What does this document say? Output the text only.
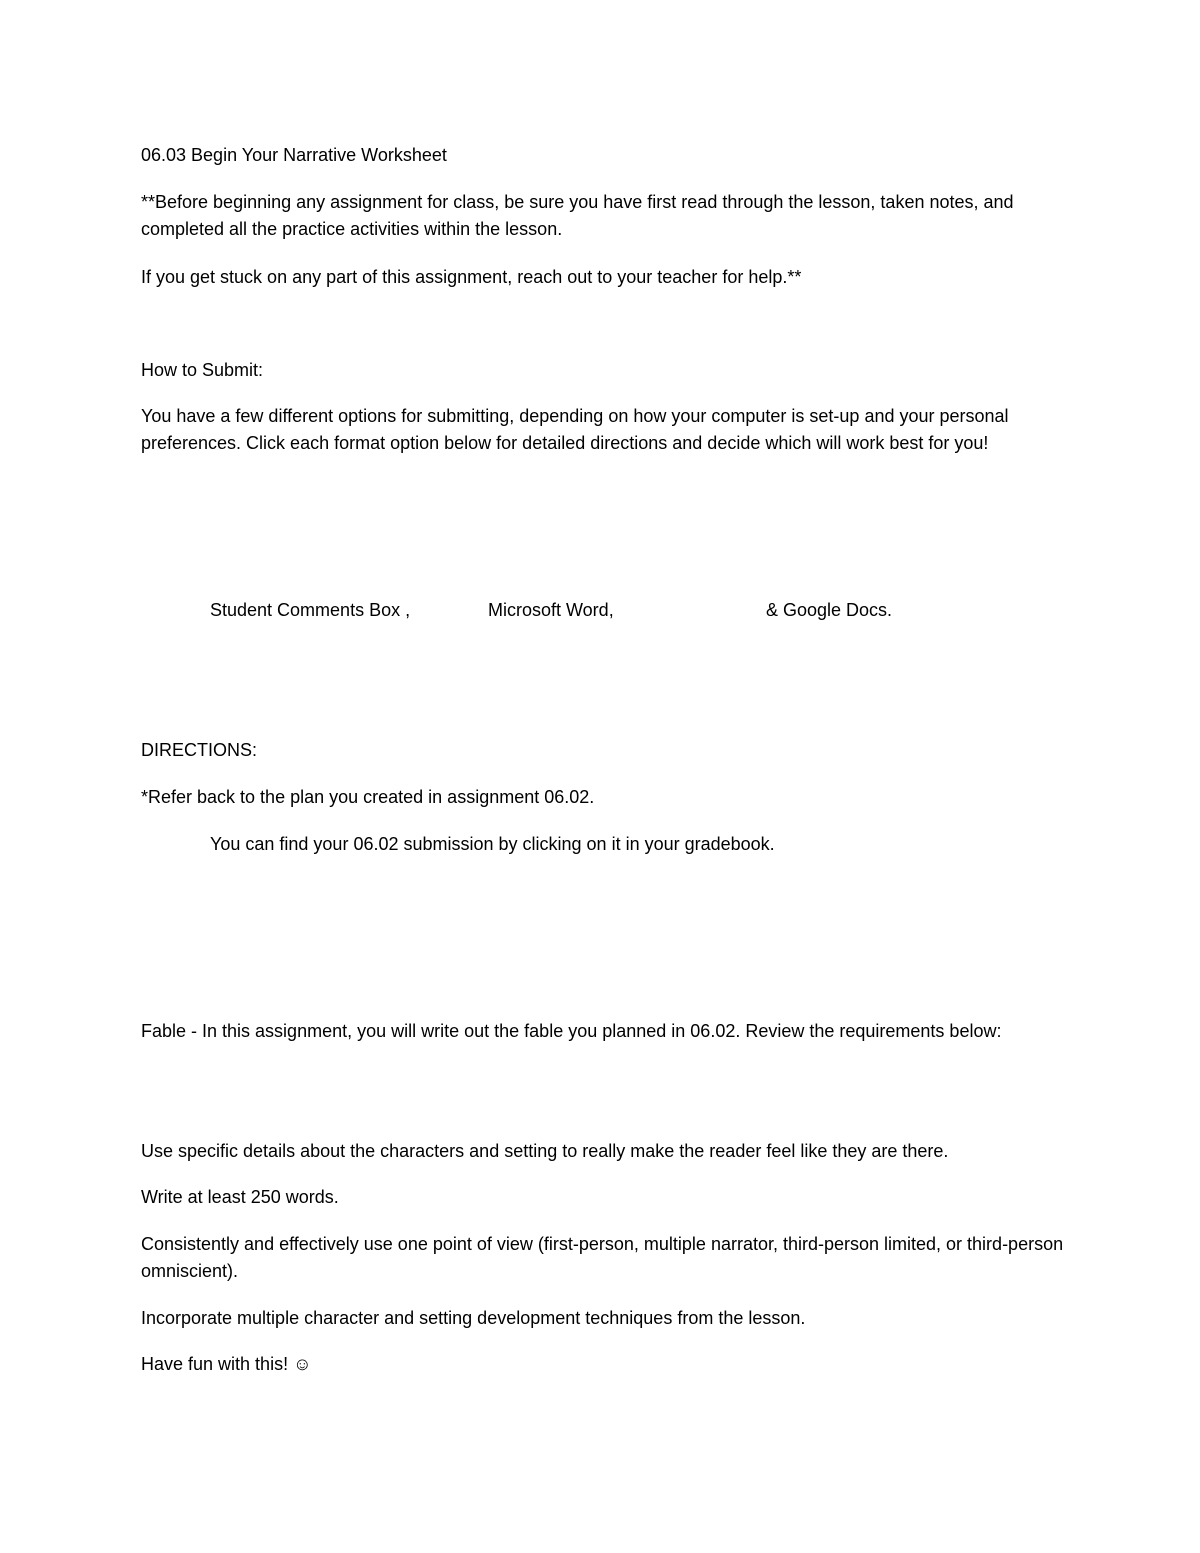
06.03 Begin Your Narrative Worksheet
**Before beginning any assignment for class, be sure you have first read through the lesson, taken notes, and completed all the practice activities within the lesson.
If you get stuck on any part of this assignment, reach out to your teacher for help.**
How to Submit:
You have a few different options for submitting, depending on how your computer is set-up and your personal preferences. Click each format option below for detailed directions and decide which will work best for you!
Student Comments Box ,	Microsoft Word,	& Google Docs.
DIRECTIONS:
*Refer back to the plan you created in assignment 06.02.
You can find your 06.02 submission by clicking on it in your gradebook.
Fable - In this assignment, you will write out the fable you planned in 06.02. Review the requirements below:
Use specific details about the characters and setting to really make the reader feel like they are there.
Write at least 250 words.
Consistently and effectively use one point of view (first-person, multiple narrator, third-person limited, or third-person omniscient).
Incorporate multiple character and setting development techniques from the lesson.
Have fun with this! ☺
